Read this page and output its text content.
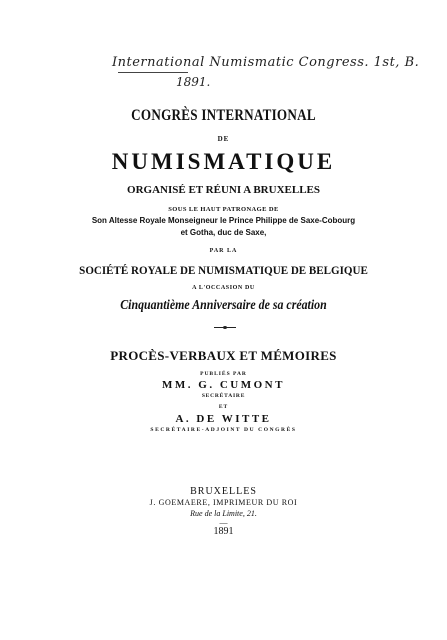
International Numismatic Congress. 1st, B.
1891.
CONGRÈS INTERNATIONAL
DE
NUMISMATIQUE
ORGANISÉ ET RÉUNI A BRUXELLES
SOUS LE HAUT PATRONAGE DE
Son Altesse Royale Monseigneur le Prince Philippe de Saxe-Cobourg
et Gotha, duc de Saxe,
PAR LA
SOCIÉTÉ ROYALE DE NUMISMATIQUE DE BELGIQUE
A L'OCCASION DU
Cinquantième Anniversaire de sa création
PROCÈS-VERBAUX ET MÉMOIRES
PUBLIÉS PAR
MM. G. CUMONT
SECRÉTAIRE
ET
A. DE WITTE
SECRÉTAIRE-ADJOINT DU CONGRÈS
BRUXELLES
J. GOEMAERE, IMPRIMEUR DU ROI
Rue de la Limite, 21.
—
1891
